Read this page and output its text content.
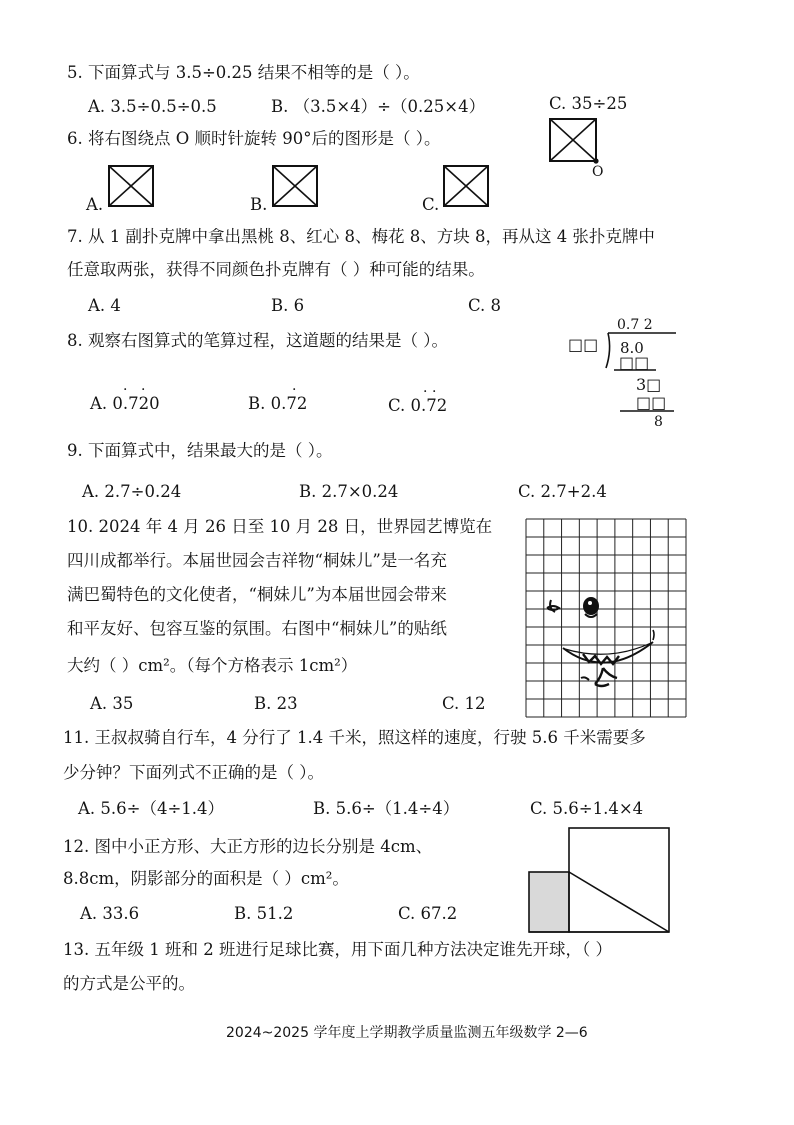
5. 下面算式与 3.5÷0.25 结果不相等的是（ ）。
A. 3.5÷0.5÷0.5	B. （3.5×4）÷（0.25×4）	C. 35÷25
6. 将右图绕点 O 顺时针旋转 90°后的图形是（ ）。
O
A.	B.	C.
7. 从 1 副扑克牌中拿出黑桃 8、红心 8、梅花 8、方块 8，再从这 4 张扑克牌中
任意取两张，获得不同颜色扑克牌有（ ）种可能的结果。
A. 4	B. 6	C. 8
8. 观察右图算式的笔算过程，这道题的结果是（ ）。
0.7 2
□□ 8.0
□□
3□
□□
8
A. 0.720
· ·
B. 0.72
·
C. 0.72
· ·
9. 下面算式中，结果最大的是（ ）。
A. 2.7÷0.24	B. 2.7×0.24	C. 2.7+2.4
10. 2024 年 4 月 26 日至 10 月 28 日，世界园艺博览在
四川成都举行。本届世园会吉祥物“桐妹儿”是一名充
满巴蜀特色的文化使者，“桐妹儿”为本届世园会带来
和平友好、包容互鉴的氛围。右图中“桐妹儿”的贴纸
大约（ ）cm²。（每个方格表示 1cm²）
A. 35	B. 23	C. 12
11. 王叔叔骑自行车，4 分行了 1.4 千米，照这样的速度，行驶 5.6 千米需要多
少分钟？下面列式不正确的是（ ）。
A. 5.6÷（4÷1.4）	B. 5.6÷（1.4÷4）	C. 5.6÷1.4×4
12. 图中小正方形、大正方形的边长分别是 4cm、
8.8cm，阴影部分的面积是（ ）cm²。
A. 33.6	B. 51.2	C. 67.2
13. 五年级 1 班和 2 班进行足球比赛，用下面几种方法决定谁先开球，（ ）
的方式是公平的。
2024~2025 学年度上学期教学质量监测五年级数学 2—6
